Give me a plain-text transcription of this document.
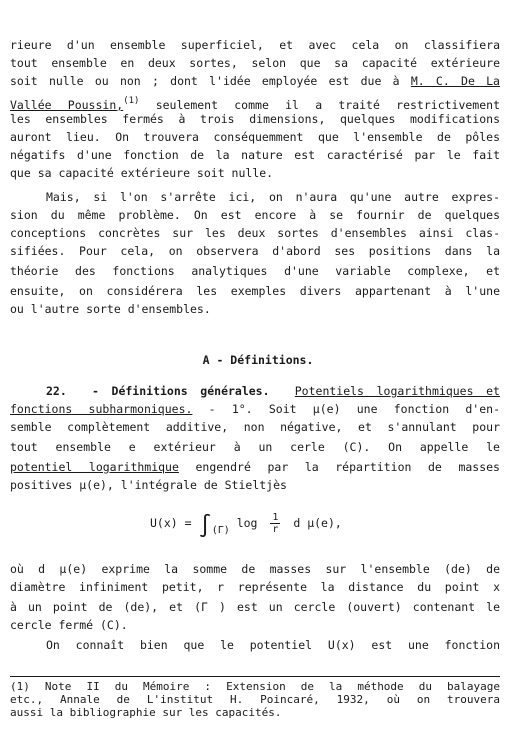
rieure d'un ensemble superficiel, et avec cela on classifiera
tout ensemble en deux sortes, selon que sa capacité extérieure
soit nulle ou non ; dont l'idée employée est due à M. C. De La
Vallée Poussin,$^{(1)}$ seulement comme il a traité restrictivement
les ensembles fermés à trois dimensions, quelques modifications
auront lieu. On trouvera conséquemment que l'ensemble de pôles
négatifs d'une fonction de la nature est caractérisé par le fait
que sa capacité extérieure soit nulle.
Mais, si l'on s'arrête ici, on n'aura qu'une autre expres-
sion du même problème. On est encore à se fournir de quelques
conceptions concrètes sur les deux sortes d'ensembles ainsi clas-
sifiées. Pour cela, on observera d'abord ses positions dans la
théorie des fonctions analytiques d'une variable complexe, et
ensuite, on considérera les exemples divers appartenant à l'une
ou l'autre sorte d'ensembles.
A - Définitions.
22. - Définitions générales. Potentiels logarithmiques et
fonctions subharmoniques. - 1°. Soit μ(e) une fonction d'en-
semble complètement additive, non négative, et s'annulant pour
tout ensemble e extérieur à un cerle (C). On appelle le
potentiel logarithmique engendré par la répartition de masses
positives μ(e), l'intégrale de Stieltjès
U(x) = ∫(Γ) $\log \frac{1}{r}$ d μ(e),
où d μ(e) exprime la somme de masses sur l'ensemble (de) de
diamètre infiniment petit, r représente la distance du point x
à un point de (de), et (Γ ) est un cercle (ouvert) contenant le
cercle fermé (C).
On connaît bien que le potentiel U(x) est une fonction
(1) Note II du Mémoire : Extension de la méthode du balayage
etc., Annale de L'institut H. Poincaré, 1932, où on trouvera
aussi la bibliographie sur les capacités.
